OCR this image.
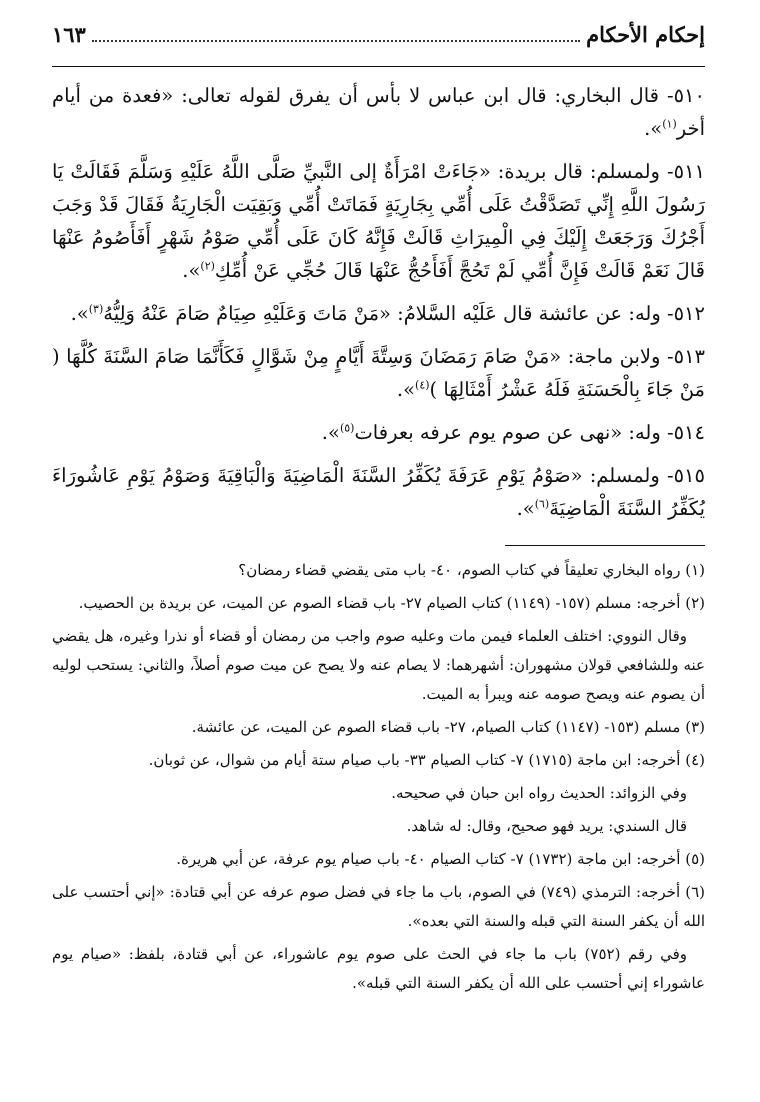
إحكام الأحكام
١٦٣

٥١٠- قال البخاري: قال ابن عباس لا بأس أن يفرق لقوله تعالى: «فعدة من أيام أخر$^{(١)}$».

٥١١- ولمسلم: قال بريدة: «جَاءَتْ امْرَأَةٌ إلى النَّبيِّ صَلَّى اللَّهُ عَلَيْهِ وَسَلَّمَ فَقَالَتْ يَا رَسُولَ اللَّهِ إِنِّي تَصَدَّقْتُ عَلَى أُمِّي بِجَارِيَةٍ فَمَاتَتْ أُمِّي وَبَقِيَت الْجَارِيَةُ فَقَالَ قَدْ وَجَبَ أَجْرُكَ وَرَجَعَتْ إِلَيْكَ فِي الْمِيرَاثِ قَالَتْ فَإِنَّهُ كَانَ عَلَى أُمِّي صَوْمُ شَهْرٍ أَفَأَصُومُ عَنْهَا قَالَ نَعَمْ قَالَتْ فَإِنَّ أُمِّي لَمْ تَحُجَّ أَفَأَحُجُّ عَنْهَا قَالَ حُجِّي عَنْ أُمِّكِ$^{(٢)}$».

٥١٢- وله: عن عائشة قال عَلَيْه السَّلامُ: «مَنْ مَاتَ وَعَلَيْهِ صِيَامٌ صَامَ عَنْهُ وَلِيُّهُ$^{(٣)}$».

٥١٣- ولابن ماجة: «مَنْ صَامَ رَمَضَانَ وَسِتَّةَ أَيَّامٍ مِنْ شَوَّالٍ فَكَأَنَّمَا صَامَ السَّنَةَ كُلَّهَا ( مَنْ جَاءَ بِالْحَسَنَةِ فَلَهُ عَشْرُ أَمْثَالِهَا )$^{(٤)}$».

٥١٤- وله: «نهى عن صوم يوم عرفه بعرفات$^{(٥)}$».

٥١٥- ولمسلم: «صَوْمُ يَوْمِ عَرَفَةَ يُكَفِّرُ السَّنَةَ الْمَاضِيَةَ وَالْبَاقِيَةَ وَصَوْمُ يَوْمِ عَاشُورَاءَ يُكَفِّرُ السَّنَةَ الْمَاضِيَةَ$^{(٦)}$».

(١) رواه البخاري تعليقاً في كتاب الصوم، ٤٠- باب متى يقضي قضاء رمضان؟

(٢) أخرجه: مسلم (١٥٧- (١١٤٩) كتاب الصيام ٢٧- باب قضاء الصوم عن الميت، عن بريدة بن الحصيب.

وقال النووي: اختلف العلماء فيمن مات وعليه صوم واجب من رمضان أو قضاء أو نذرا وغيره، هل يقضي عنه وللشافعي قولان مشهوران: أشهرهما: لا يصام عنه ولا يصح عن ميت صوم أصلاً، والثاني: يستحب لوليه أن يصوم عنه ويصح صومه عنه ويبرأ به الميت.

(٣) مسلم (١٥٣- (١١٤٧) كتاب الصيام، ٢٧- باب قضاء الصوم عن الميت، عن عائشة.

(٤) أخرجه: ابن ماجة (١٧١٥) ٧- كتاب الصيام ٣٣- باب صيام ستة أيام من شوال، عن ثوبان.

وفي الزوائد: الحديث رواه ابن حبان في صحيحه.

قال السندي: يريد فهو صحيح، وقال: له شاهد.

(٥) أخرجه: ابن ماجة (١٧٣٢) ٧- كتاب الصيام ٤٠- باب صيام يوم عرفة، عن أبي هريرة.

(٦) أخرجه: الترمذي (٧٤٩) في الصوم، باب ما جاء في فضل صوم عرفه عن أبي قتادة: «إني أحتسب على الله أن يكفر السنة التي قبله والسنة التي بعده».

وفي رقم (٧٥٢) باب ما جاء في الحث على صوم يوم عاشوراء، عن أبي قتادة، بلفظ: «صيام يوم عاشوراء إني أحتسب على الله أن يكفر السنة التي قبله».
